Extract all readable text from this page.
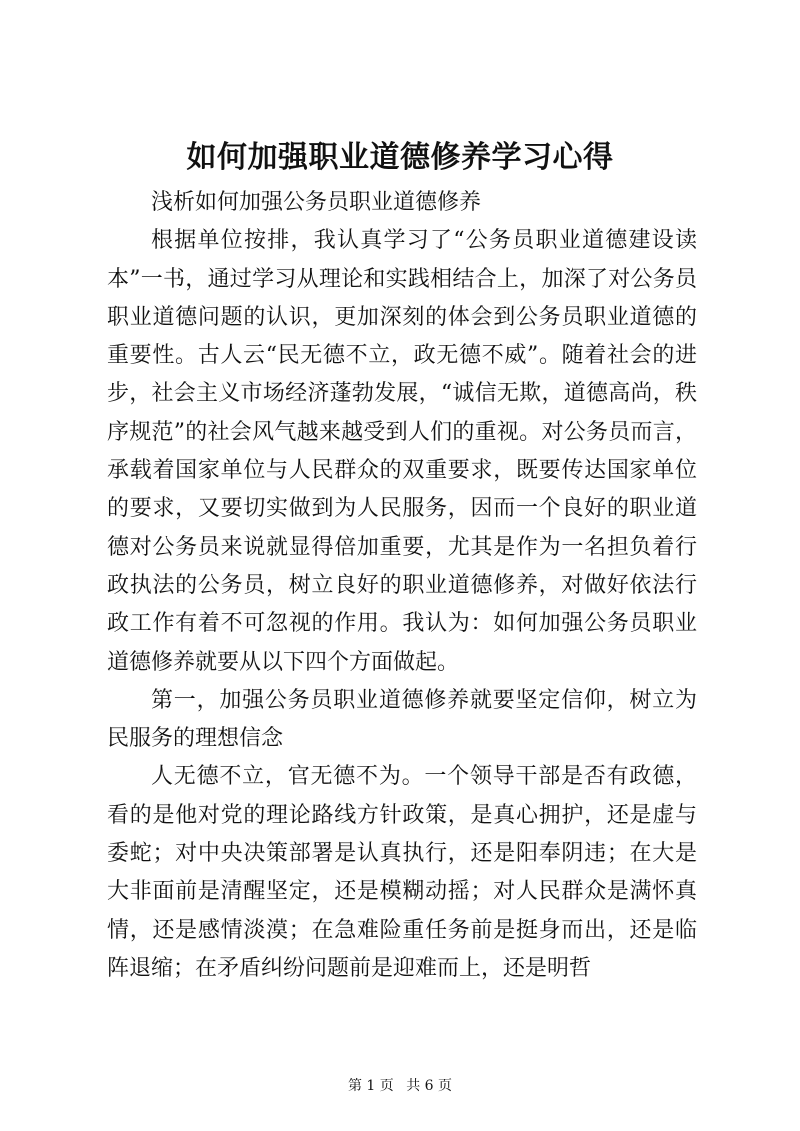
如何加强职业道德修养学习心得

浅析如何加强公务员职业道德修养

根据单位按排，我认真学习了“公务员职业道德建设读本”一书，通过学习从理论和实践相结合上，加深了对公务员职业道德问题的认识，更加深刻的体会到公务员职业道德的重要性。古人云“民无德不立，政无德不威”。随着社会的进步，社会主义市场经济蓬勃发展，“诚信无欺，道德高尚，秩序规范”的社会风气越来越受到人们的重视。对公务员而言，承载着国家单位与人民群众的双重要求，既要传达国家单位的要求，又要切实做到为人民服务，因而一个良好的职业道德对公务员来说就显得倍加重要，尤其是作为一名担负着行政执法的公务员，树立良好的职业道德修养，对做好依法行政工作有着不可忽视的作用。我认为：如何加强公务员职业道德修养就要从以下四个方面做起。

第一，加强公务员职业道德修养就要坚定信仰，树立为民服务的理想信念

人无德不立，官无德不为。一个领导干部是否有政德，看的是他对党的理论路线方针政策，是真心拥护，还是虚与委蛇；对中央决策部署是认真执行，还是阳奉阴违；在大是大非面前是清醒坚定，还是模糊动摇；对人民群众是满怀真情，还是感情淡漠；在急难险重任务前是挺身而出，还是临阵退缩；在矛盾纠纷问题前是迎难而上，还是明哲

第 1 页 共 6 页
